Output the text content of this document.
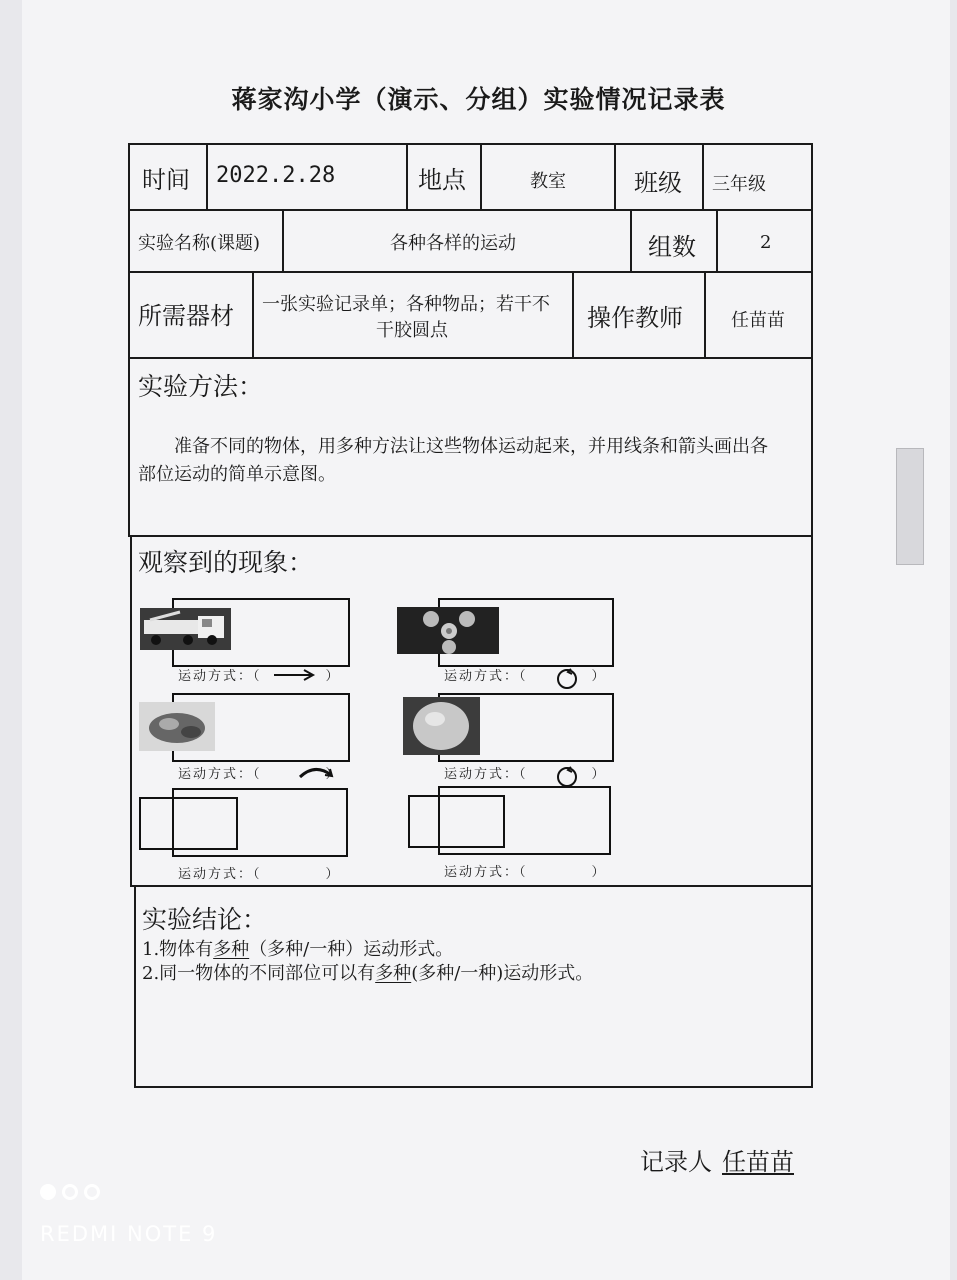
蒋家沟小学（演示、分组）实验情况记录表
时间 2022.2.28	地点	教室	班级 三年级
实验名称(课题)	各种各样的运动	组数	2
所需器材 一张实验记录单；各种物品；若干不
干胶圆点	操作教师	任苗苗
实验方法：
准备不同的物体，用多种方法让这些物体运动起来，并用线条和箭头画出各
部位运动的简单示意图。
观察到的现象：
运动方式：（	）	运动方式：（	）
运动方式：（	）	运动方式：（	）
运动方式：（	）	运动方式：（	）
实验结论：
1.物体有多种（多种/一种）运动形式。
2.同一物体的不同部位可以有多种(多种/一种)运动形式。
记录人 任苗苗
REDMI NOTE 9
